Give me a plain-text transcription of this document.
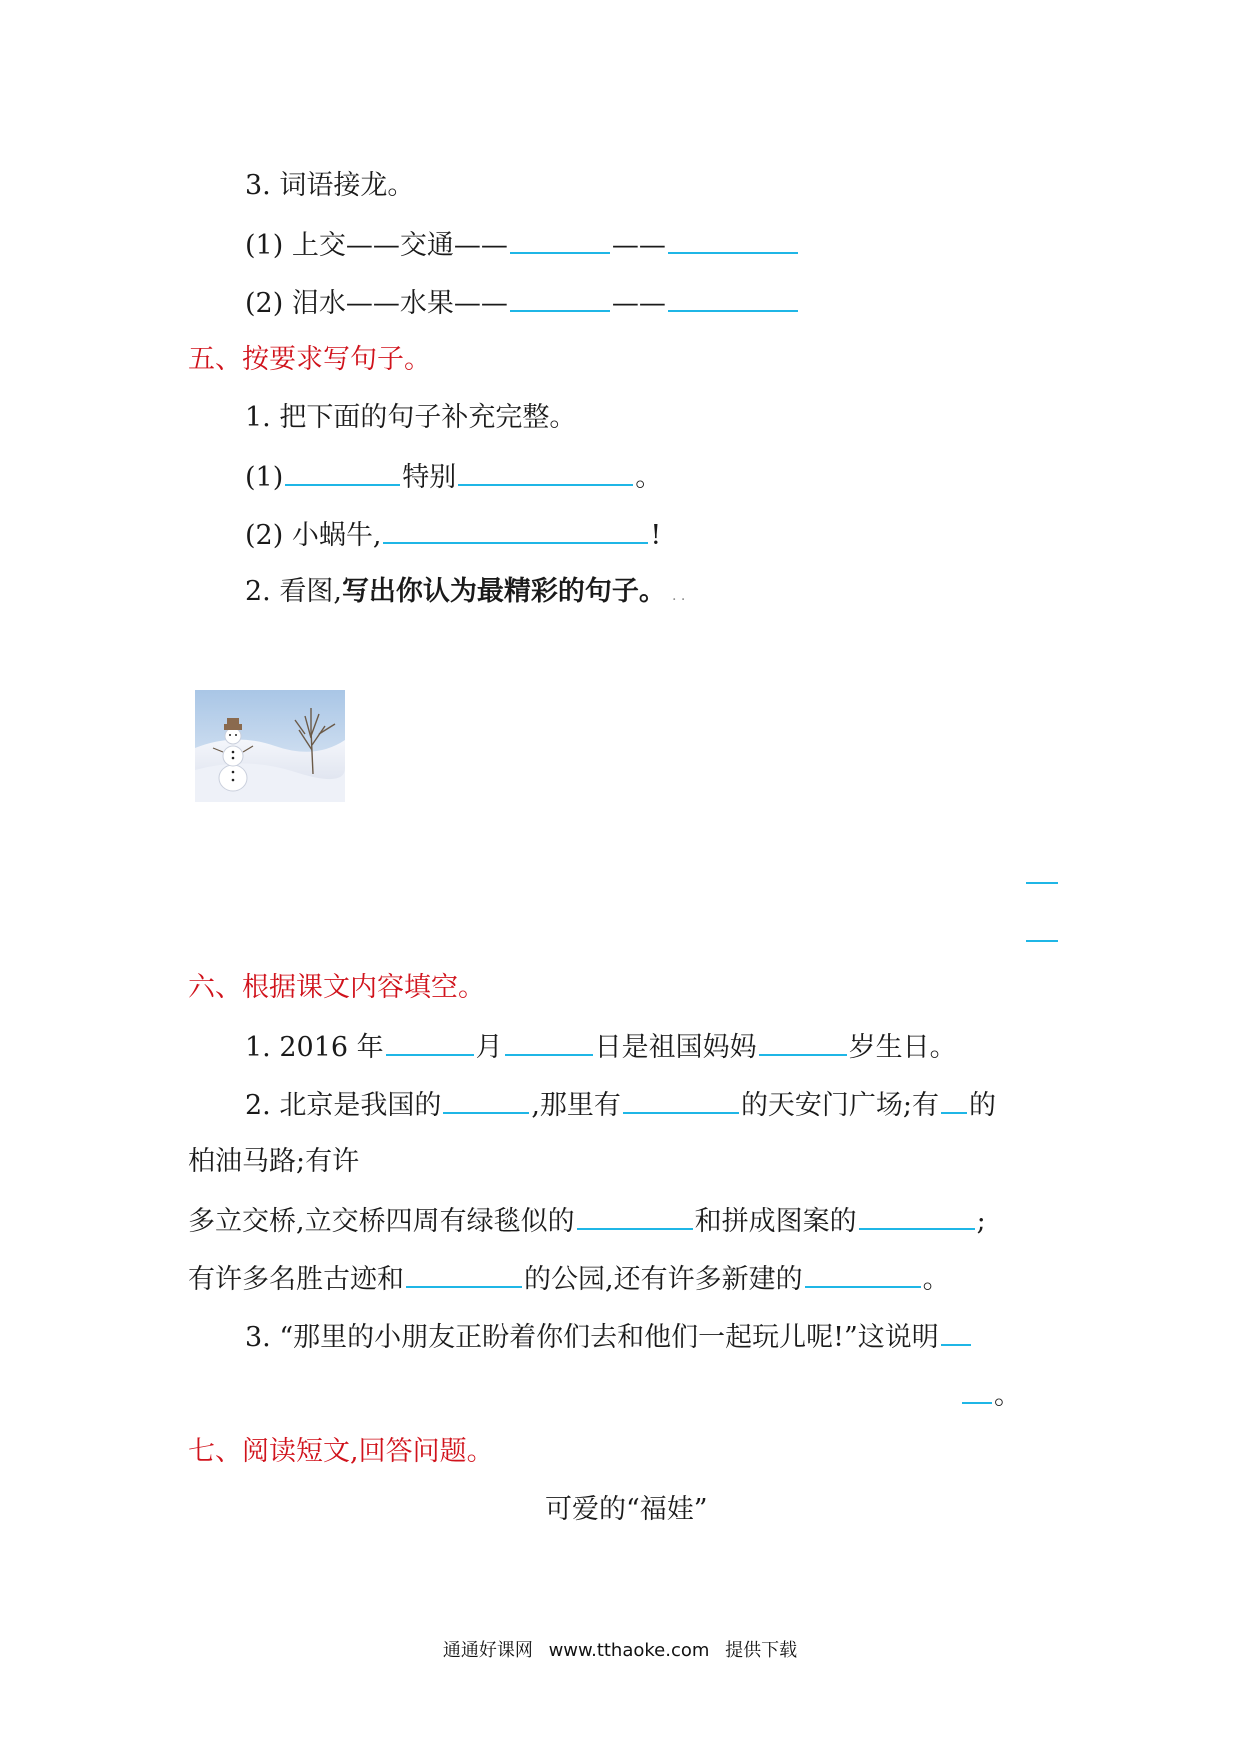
3. 词语接龙。
(1) 上交——交通——	——
(2) 泪水——水果——	——
五、按要求写句子。
1. 把下面的句子补充完整。
(1)	特别	。
(2) 小蜗牛,	!
2. 看图,写出你认为最精彩的句子。 . .
六、根据课文内容填空。
1. 2016 年	月	日是祖国妈妈	岁生日。
2. 北京是我国的	,那里有	的天安门广场;有 的
柏油马路;有许
多立交桥,立交桥四周有绿毯似的	和拼成图案的	;
有许多名胜古迹和	的公园,还有许多新建的	。
3. “那里的小朋友正盼着你们去和他们一起玩儿呢!”这说明
。
七、阅读短文,回答问题。
可爱的“福娃”
通通好课网 www.tthaoke.com 提供下载
